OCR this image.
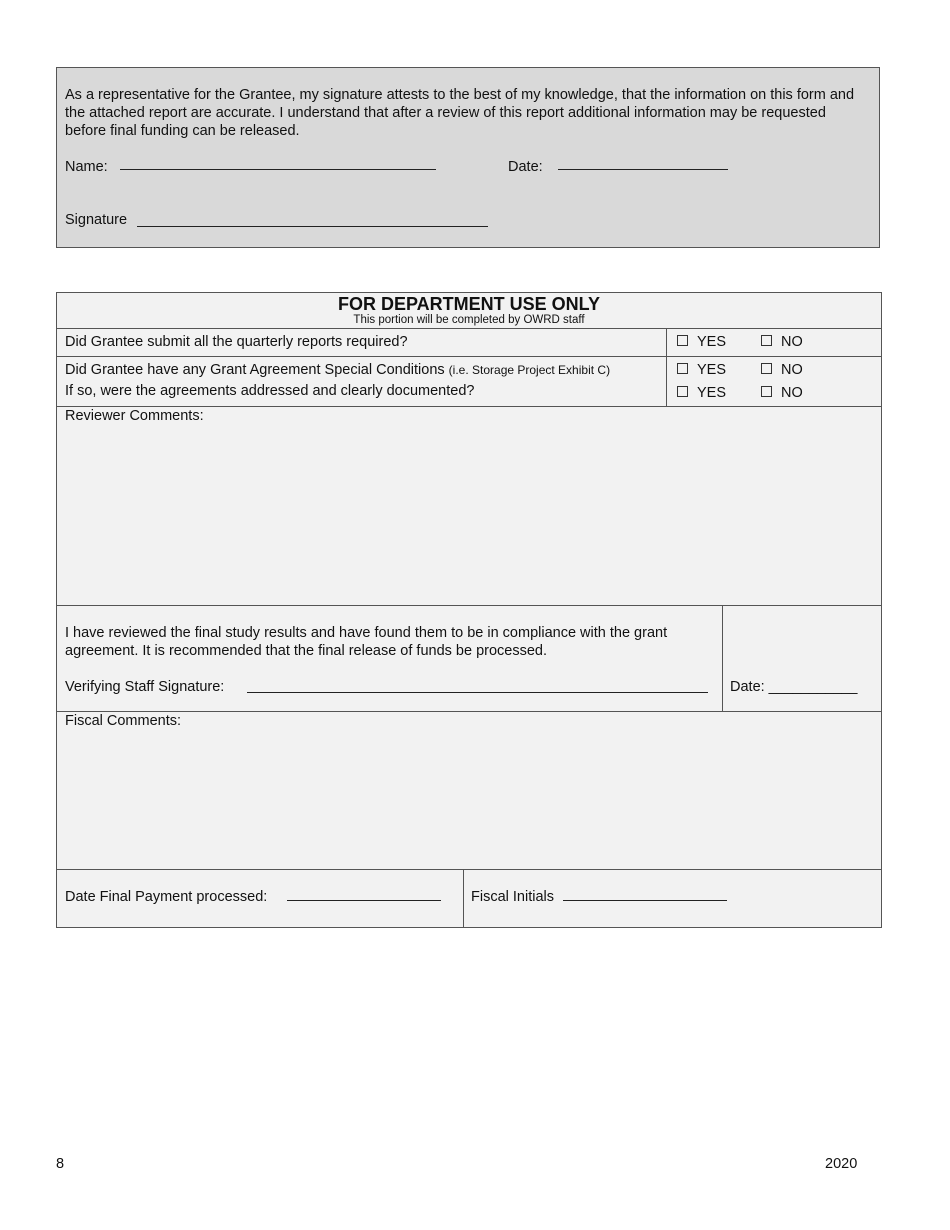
As a representative for the Grantee, my signature attests to the best of my knowledge, that the information on this form and the attached report are accurate. I understand that after a review of this report additional information may be requested before final funding can be released.
Name:	Date:
Signature
FOR DEPARTMENT USE ONLY
This portion will be completed by OWRD staff
Did Grantee submit all the quarterly reports required?	YES	NO
Did Grantee have any Grant Agreement Special Conditions (i.e. Storage Project Exhibit C)	YES	NO
If so, were the agreements addressed and clearly documented?	YES	NO
Reviewer Comments:
I have reviewed the final study results and have found them to be in compliance with the grant
agreement. It is recommended that the final release of funds be processed.
Verifying Staff Signature:	Date: ___________
Fiscal Comments:
Date Final Payment processed:	Fiscal Initials
8	2020
